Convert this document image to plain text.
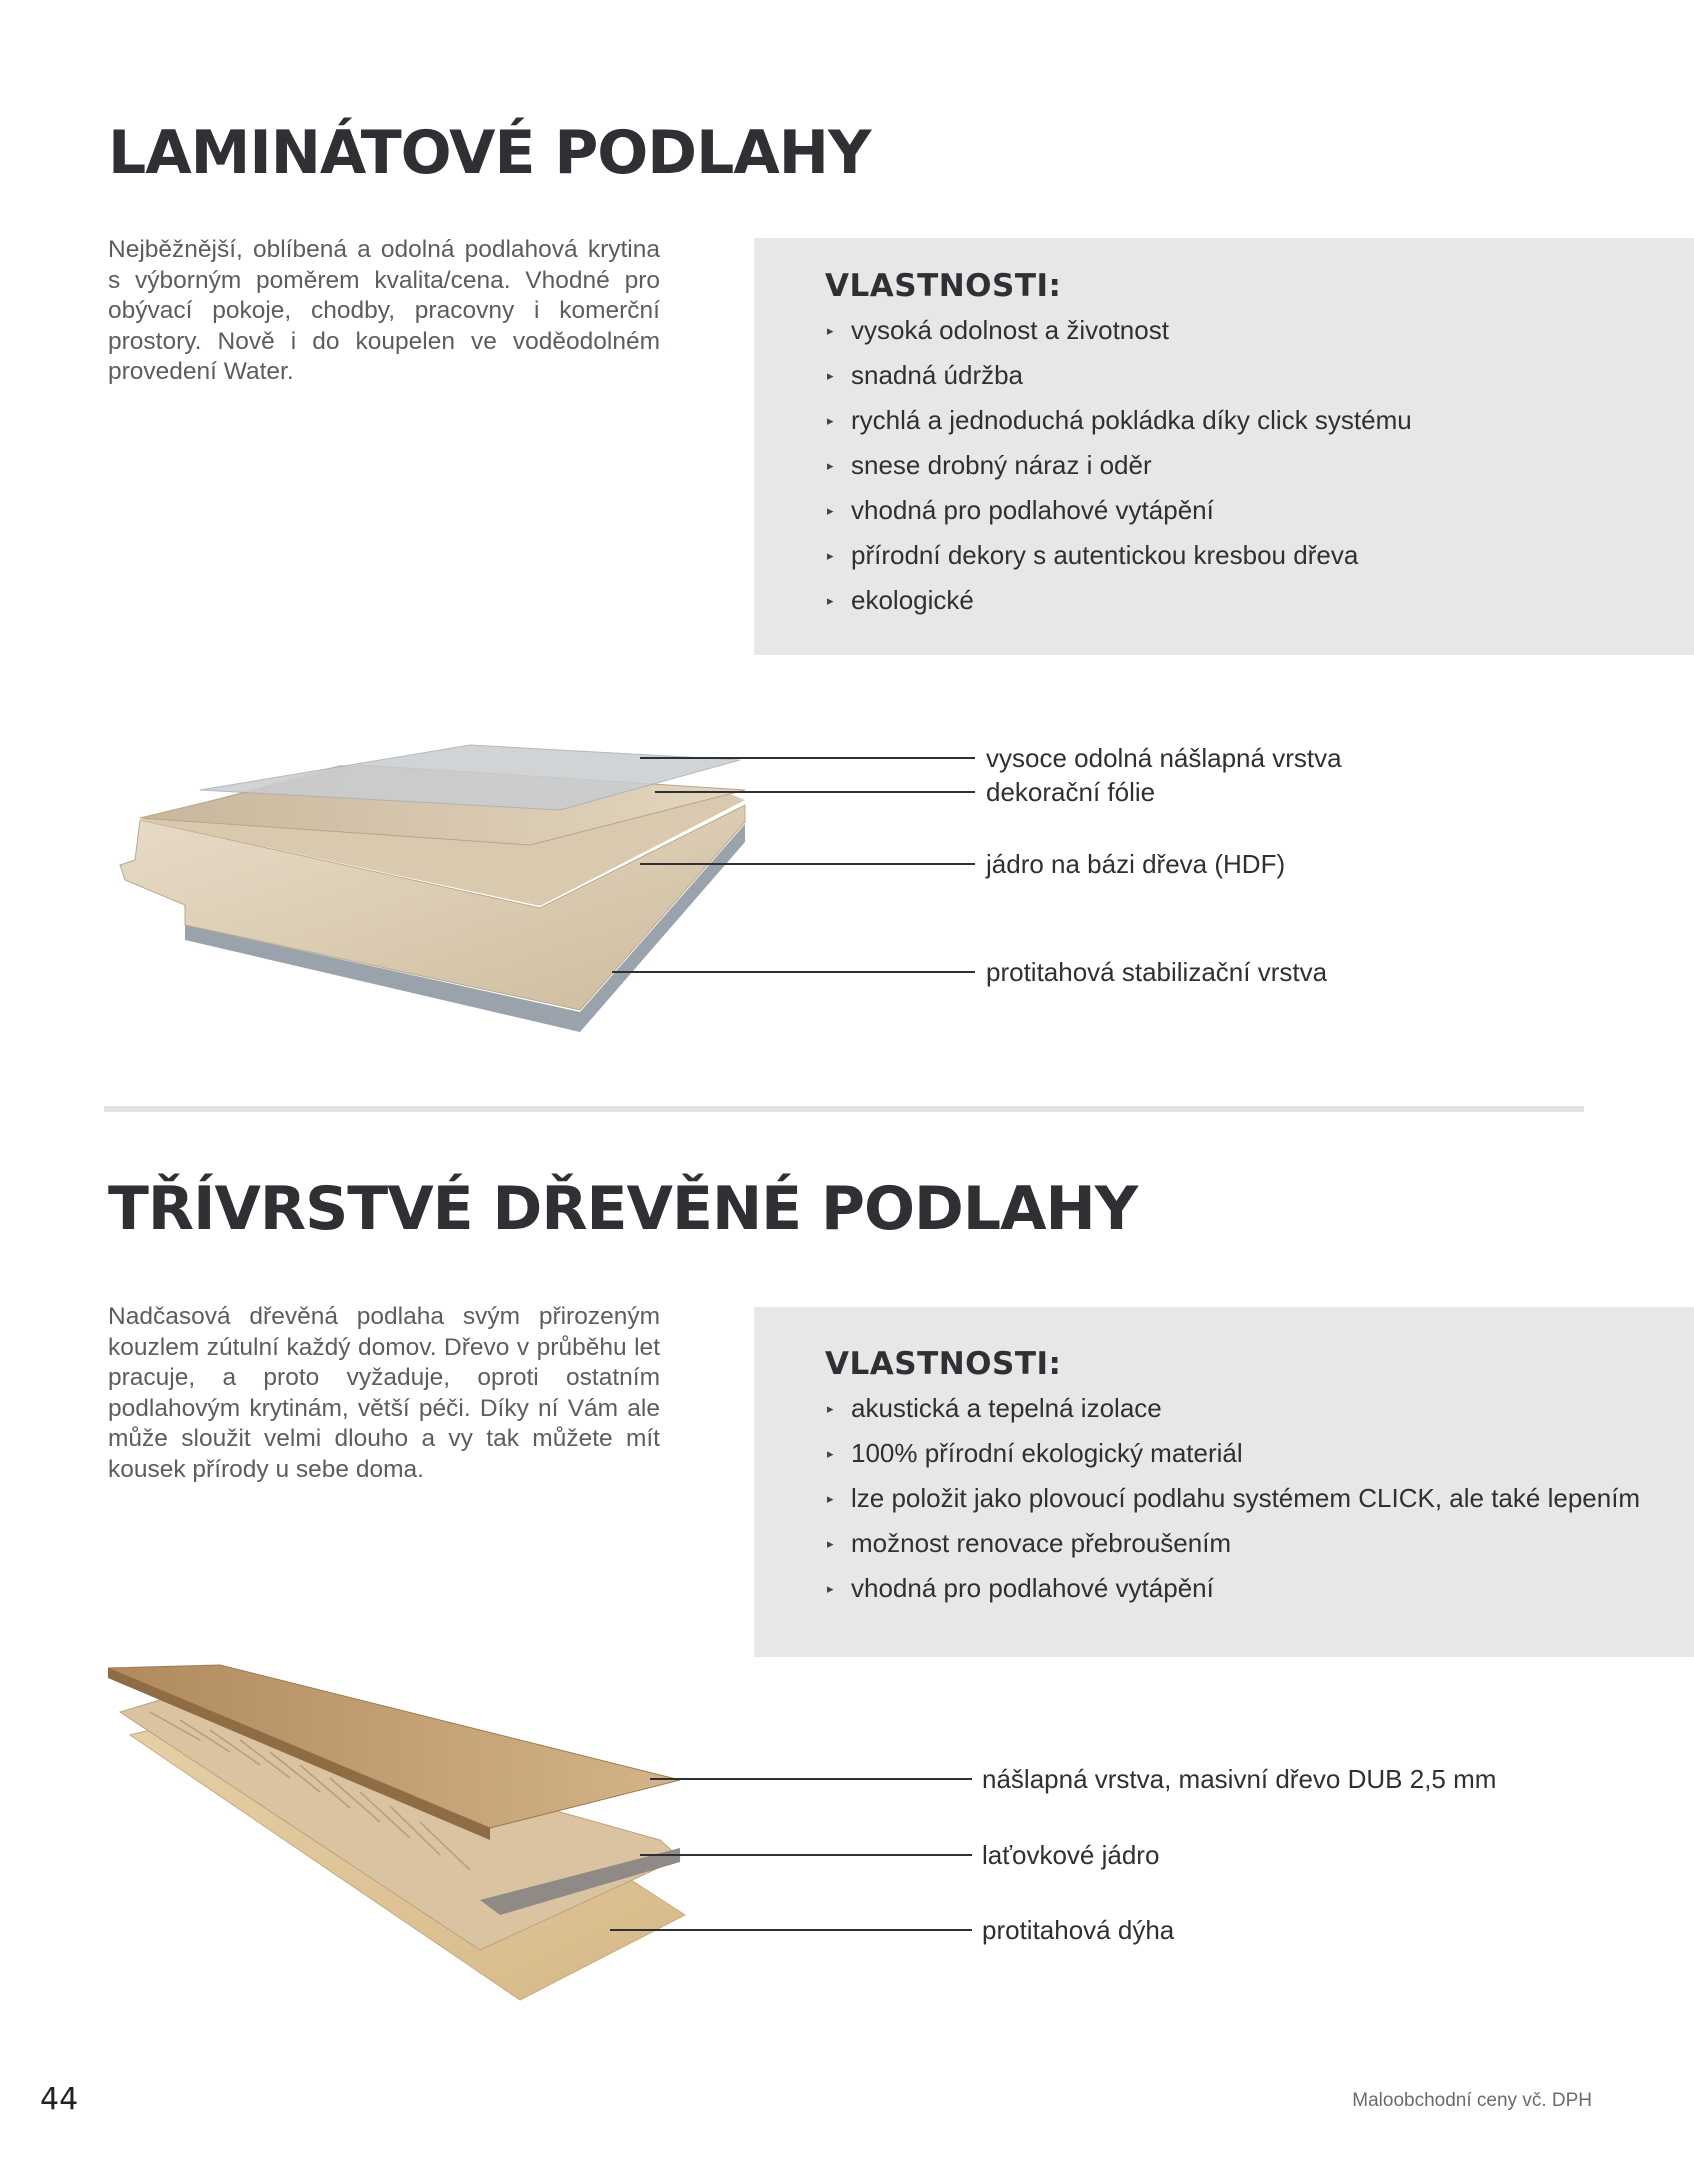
LAMINÁTOVÉ PODLAHY

Nejběžnější, oblíbená a odolná podlahová krytina s výborným poměrem kvalita/cena. Vhodné pro obývací pokoje, chodby, pracovny i komerční prostory. Nově i do koupelen ve voděodolném provedení Water.

VLASTNOSTI:
▸ vysoká odolnost a životnost
▸ snadná údržba
▸ rychlá a jednoduchá pokládka díky click systému
▸ snese drobný náraz i oděr
▸ vhodná pro podlahové vytápění
▸ přírodní dekory s autentickou kresbou dřeva
▸ ekologické
vysoce odolná nášlapná vrstva
dekorační fólie
jádro na bázi dřeva (HDF)
protitahová stabilizační vrstva
TŘÍVRSTVÉ DŘEVĚNÉ PODLAHY

Nadčasová dřevěná podlaha svým přirozeným kouzlem zútulní každý domov. Dřevo v průběhu let pracuje, a proto vyžaduje, oproti ostatním podlahovým krytinám, větší péči. Díky ní Vám ale může sloužit velmi dlouho a vy tak můžete mít kousek přírody u sebe doma.

VLASTNOSTI:
▸ akustická a tepelná izolace
▸ 100% přírodní ekologický materiál
▸ lze položit jako plovoucí podlahu systémem CLICK, ale také lepením
▸ možnost renovace přebroušením
▸ vhodná pro podlahové vytápění
nášlapná vrstva, masivní dřevo DUB 2,5 mm
laťovkové jádro
protitahová dýha
44	Maloobchodní ceny vč. DPH
